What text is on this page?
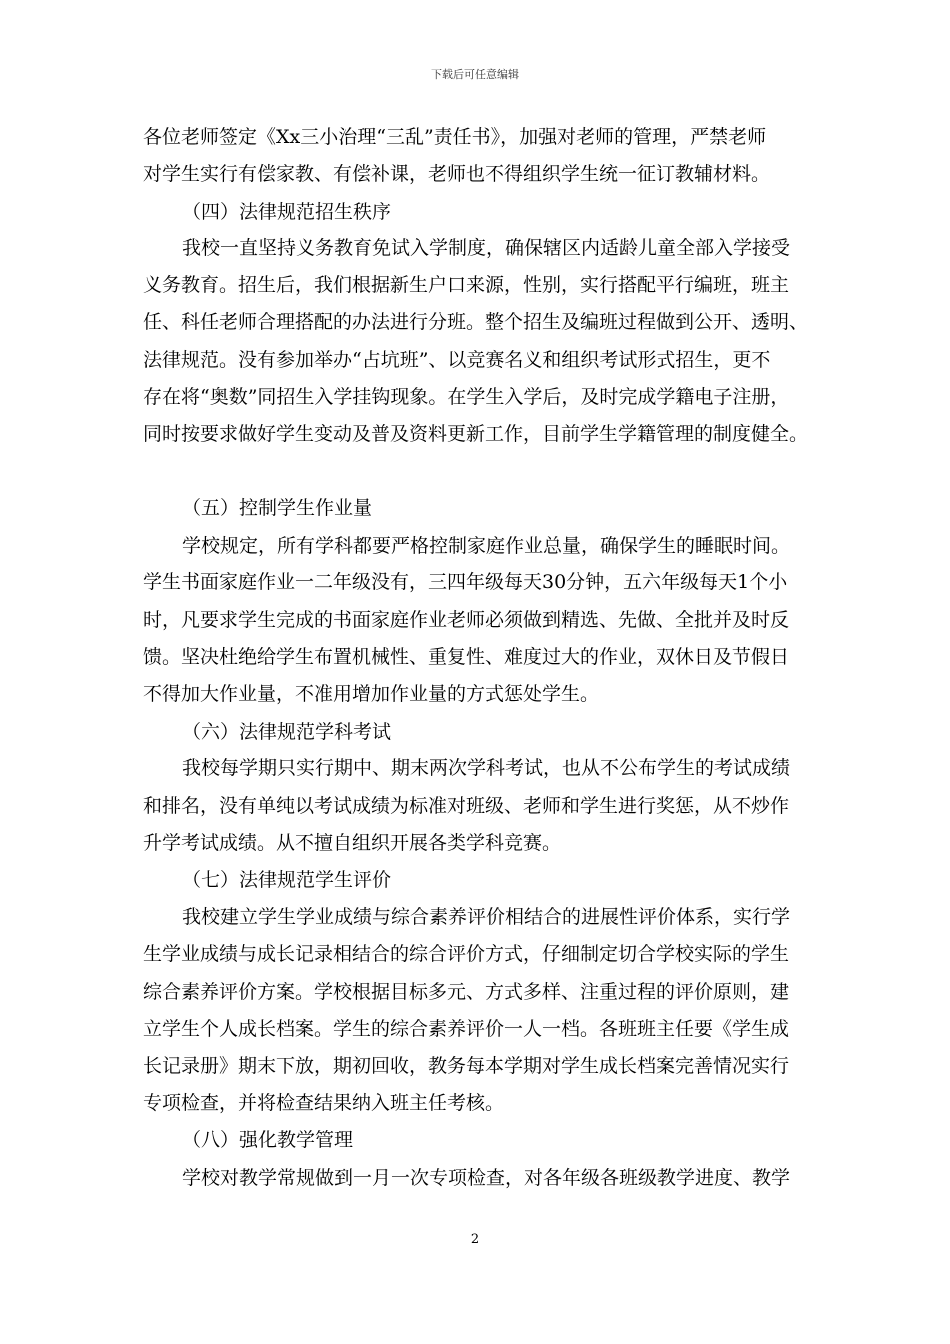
下载后可任意编辑
各位老师签定《Xx三小治理“三乱”责任书》，加强对老师的管理，严禁老师
对学生实行有偿家教、有偿补课，老师也不得组织学生统一征订教辅材料。
（四）法律规范招生秩序
我校一直坚持义务教育免试入学制度，确保辖区内适龄儿童全部入学接受
义务教育。招生后，我们根据新生户口来源，性别，实行搭配平行编班，班主
任、科任老师合理搭配的办法进行分班。整个招生及编班过程做到公开、透明、
法律规范。没有参加举办“占坑班”、以竞赛名义和组织考试形式招生，更不
存在将“奥数”同招生入学挂钩现象。在学生入学后，及时完成学籍电子注册，
同时按要求做好学生变动及普及资料更新工作，目前学生学籍管理的制度健全。
（五）控制学生作业量
学校规定，所有学科都要严格控制家庭作业总量，确保学生的睡眠时间。
学生书面家庭作业一二年级没有，三四年级每天30分钟，五六年级每天1个小
时，凡要求学生完成的书面家庭作业老师必须做到精选、先做、全批并及时反
馈。坚决杜绝给学生布置机械性、重复性、难度过大的作业，双休日及节假日
不得加大作业量，不准用增加作业量的方式惩处学生。
（六）法律规范学科考试
我校每学期只实行期中、期末两次学科考试，也从不公布学生的考试成绩
和排名，没有单纯以考试成绩为标准对班级、老师和学生进行奖惩，从不炒作
升学考试成绩。从不擅自组织开展各类学科竞赛。
（七）法律规范学生评价
我校建立学生学业成绩与综合素养评价相结合的进展性评价体系，实行学
生学业成绩与成长记录相结合的综合评价方式，仔细制定切合学校实际的学生
综合素养评价方案。学校根据目标多元、方式多样、注重过程的评价原则，建
立学生个人成长档案。学生的综合素养评价一人一档。各班班主任要《学生成
长记录册》期末下放，期初回收，教务每本学期对学生成长档案完善情况实行
专项检查，并将检查结果纳入班主任考核。
（八）强化教学管理
学校对教学常规做到一月一次专项检查，对各年级各班级教学进度、教学
2
